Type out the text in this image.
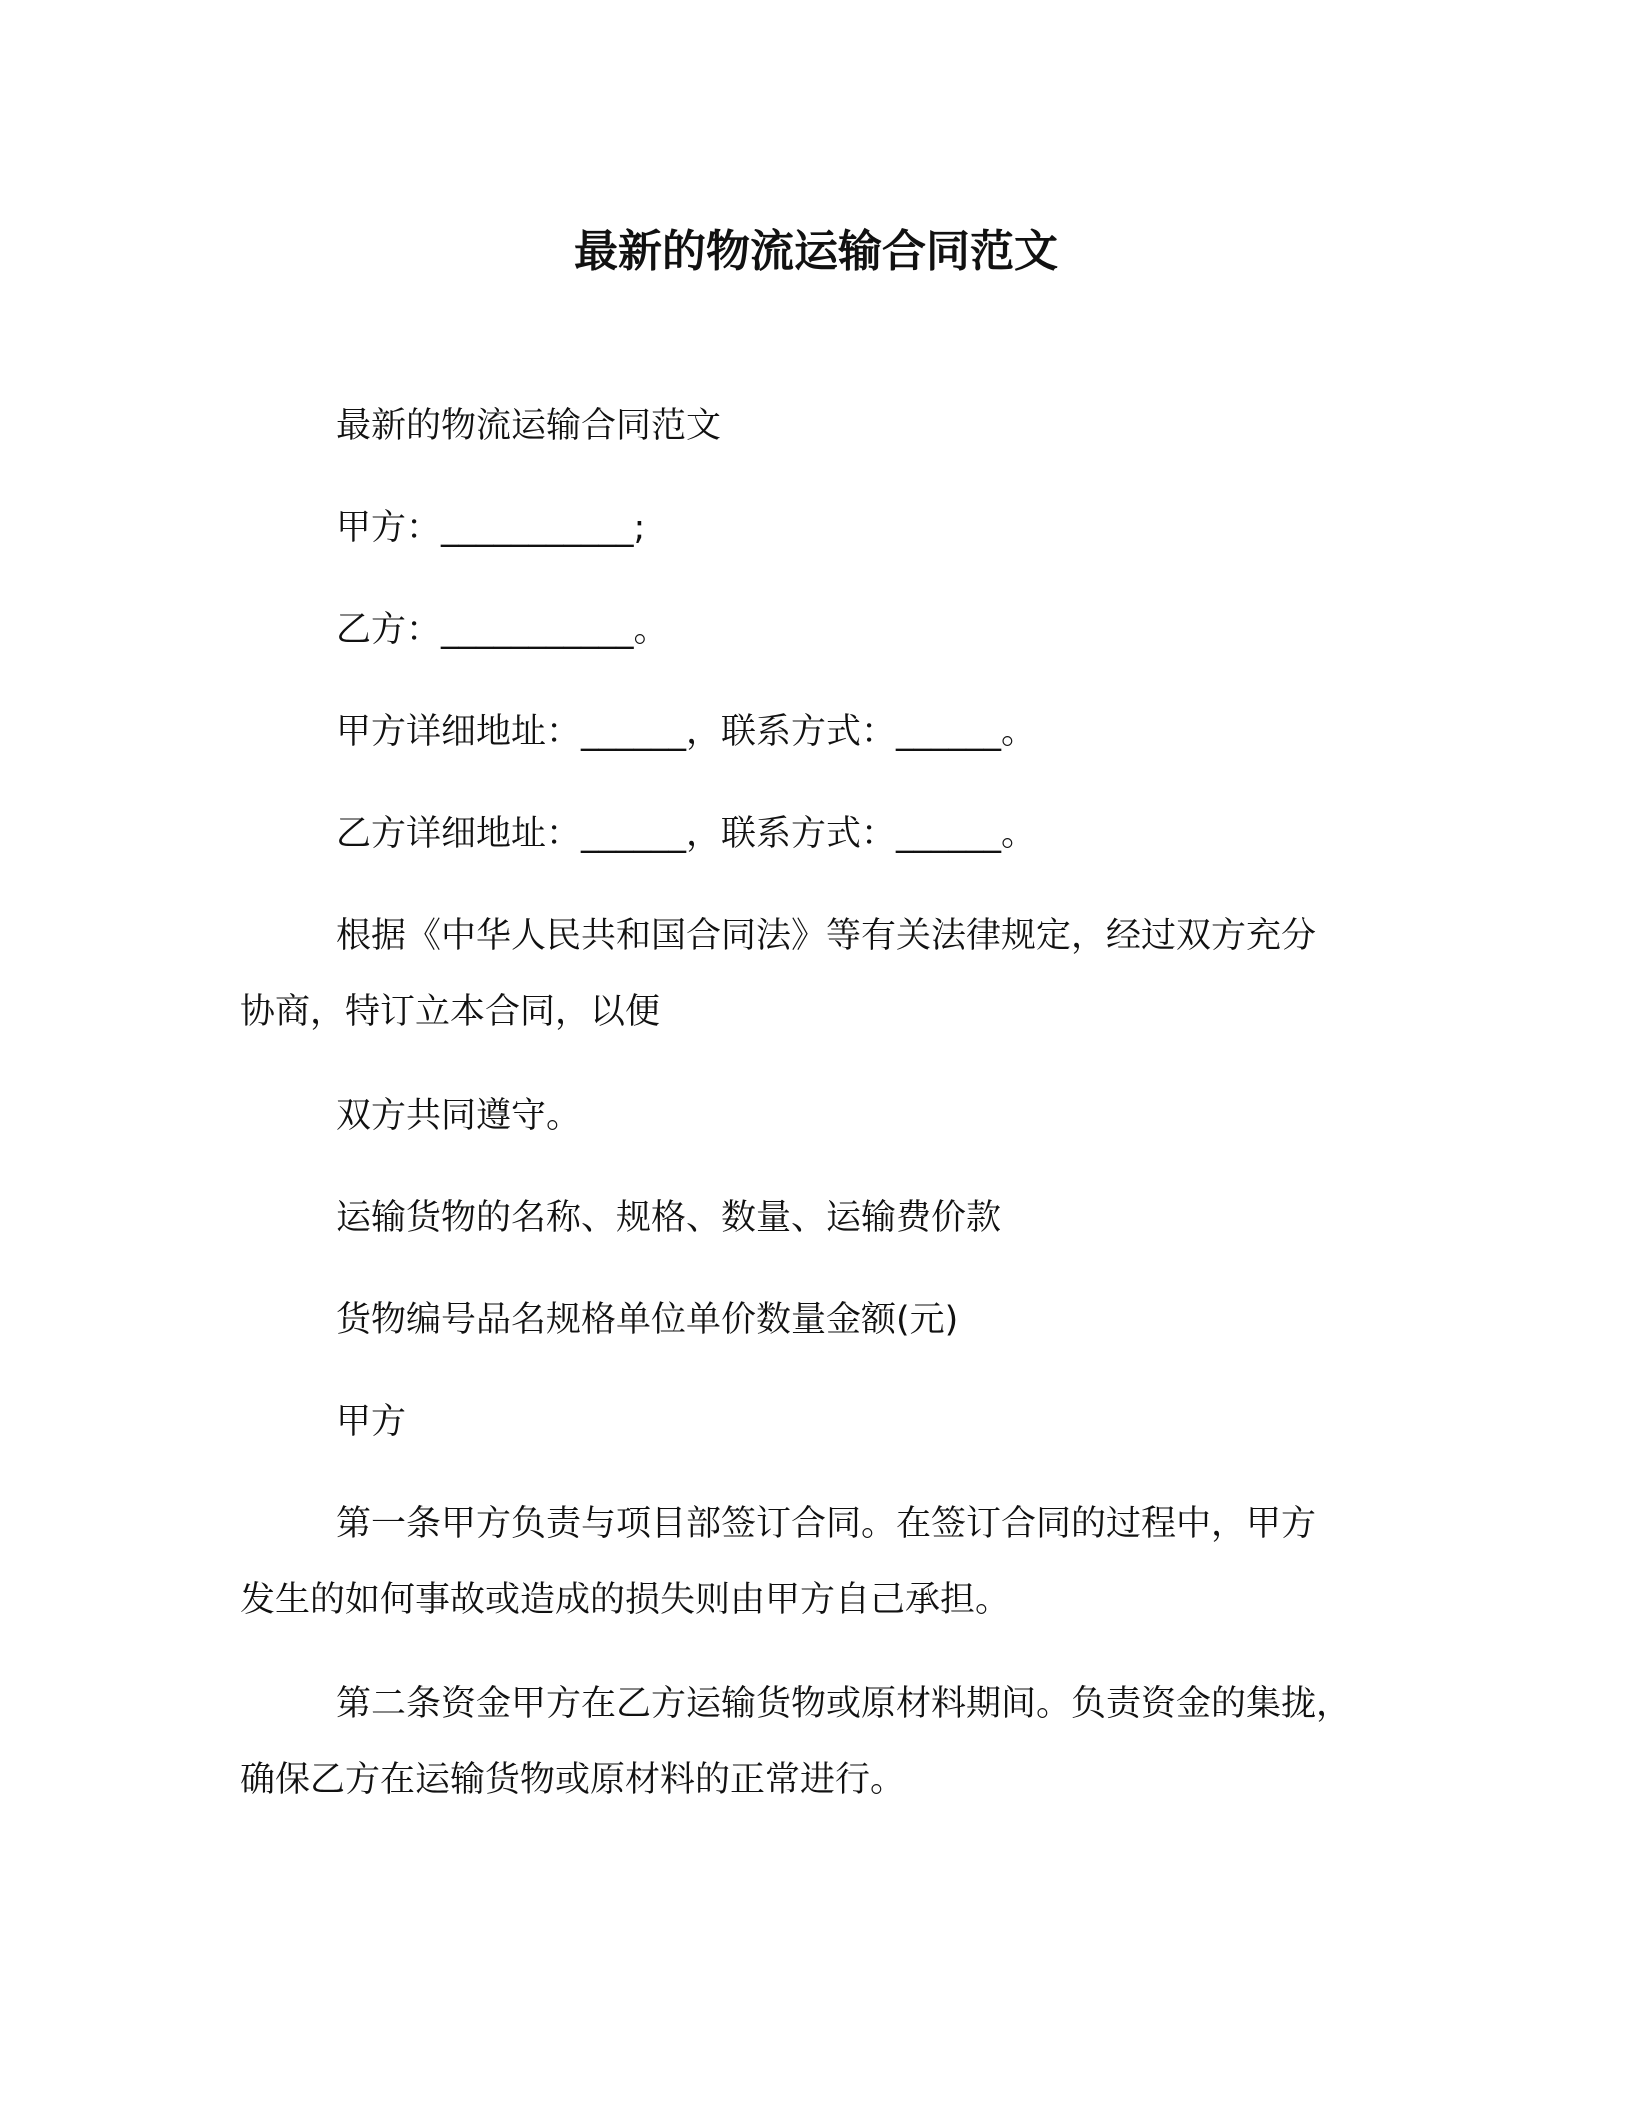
最新的物流运输合同范文
最新的物流运输合同范文
甲方：___________;
乙方：___________。
甲方详细地址：______，联系方式：______。
乙方详细地址：______，联系方式：______。
根据《中华人民共和国合同法》等有关法律规定，经过双方充分
协商，特订立本合同，以便
双方共同遵守。
运输货物的名称、规格、数量、运输费价款
货物编号品名规格单位单价数量金额(元)
甲方
第一条甲方负责与项目部签订合同。在签订合同的过程中，甲方
发生的如何事故或造成的损失则由甲方自己承担。
第二条资金甲方在乙方运输货物或原材料期间。负责资金的集拢，
确保乙方在运输货物或原材料的正常进行。
